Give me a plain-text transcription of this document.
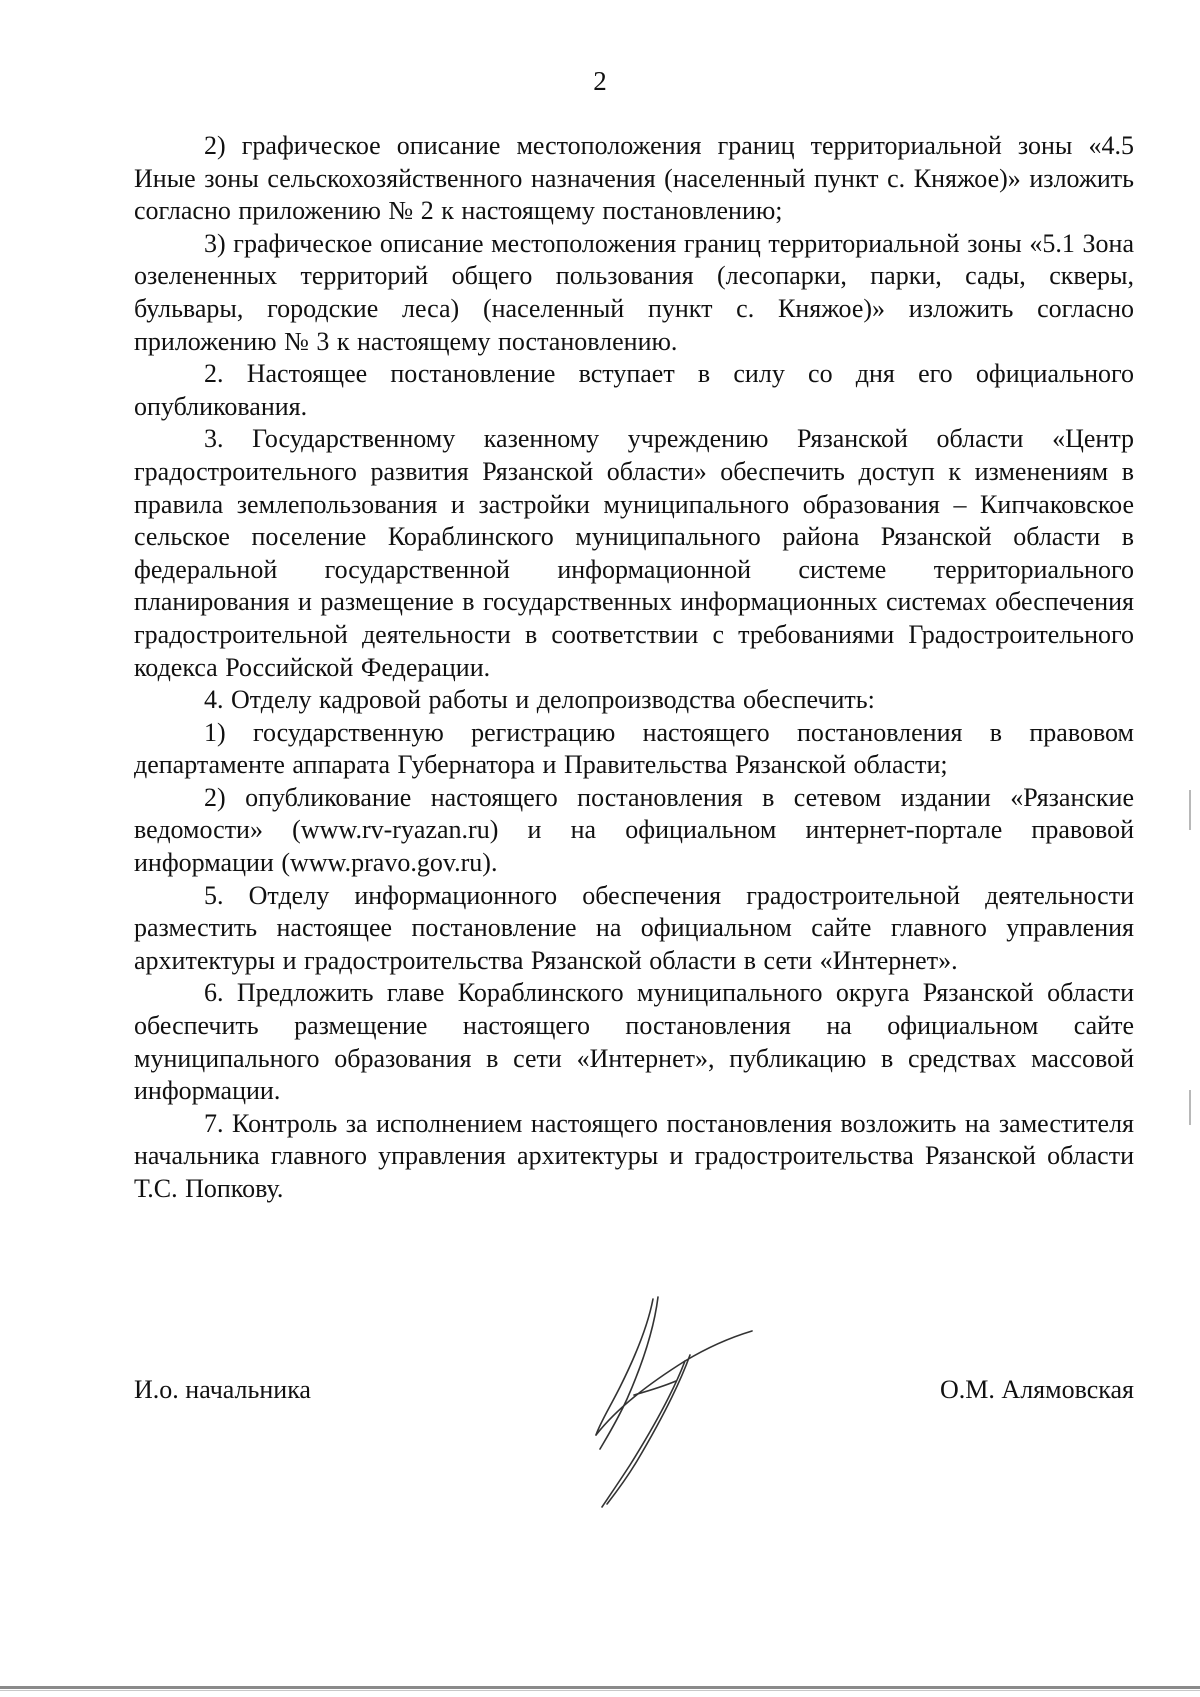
2

2) графическое описание местоположения границ территориальной зоны «4.5 Иные зоны сельскохозяйственного назначения (населенный пункт с. Княжое)» изложить согласно приложению № 2 к настоящему постановлению;

3) графическое описание местоположения границ территориальной зоны «5.1 Зона озелененных территорий общего пользования (лесопарки, парки, сады, скверы, бульвары, городские леса) (населенный пункт с. Княжое)» изложить согласно приложению № 3 к настоящему постановлению.

2. Настоящее постановление вступает в силу со дня его официального опубликования.

3. Государственному казенному учреждению Рязанской области «Центр градостроительного развития Рязанской области» обеспечить доступ к изменениям в правила землепользования и застройки муниципального образования – Кипчаковское сельское поселение Кораблинского муниципального района Рязанской области в федеральной государственной информационной системе территориального планирования и размещение в государственных информационных системах обеспечения градостроительной деятельности в соответствии с требованиями Градостроительного кодекса Российской Федерации.

4. Отделу кадровой работы и делопроизводства обеспечить:

1) государственную регистрацию настоящего постановления в правовом департаменте аппарата Губернатора и Правительства Рязанской области;

2) опубликование настоящего постановления в сетевом издании «Рязанские ведомости» (www.rv-ryazan.ru) и на официальном интернет-портале правовой информации (www.pravo.gov.ru).

5. Отделу информационного обеспечения градостроительной деятельности разместить настоящее постановление на официальном сайте главного управления архитектуры и градостроительства Рязанской области в сети «Интернет».

6. Предложить главе Кораблинского муниципального округа Рязанской области обеспечить размещение настоящего постановления на официальном сайте муниципального образования в сети «Интернет», публикацию в средствах массовой информации.

7. Контроль за исполнением настоящего постановления возложить на заместителя начальника главного управления архитектуры и градостроительства Рязанской области Т.С. Попкову.

И.о. начальника	О.М. Алямовская
